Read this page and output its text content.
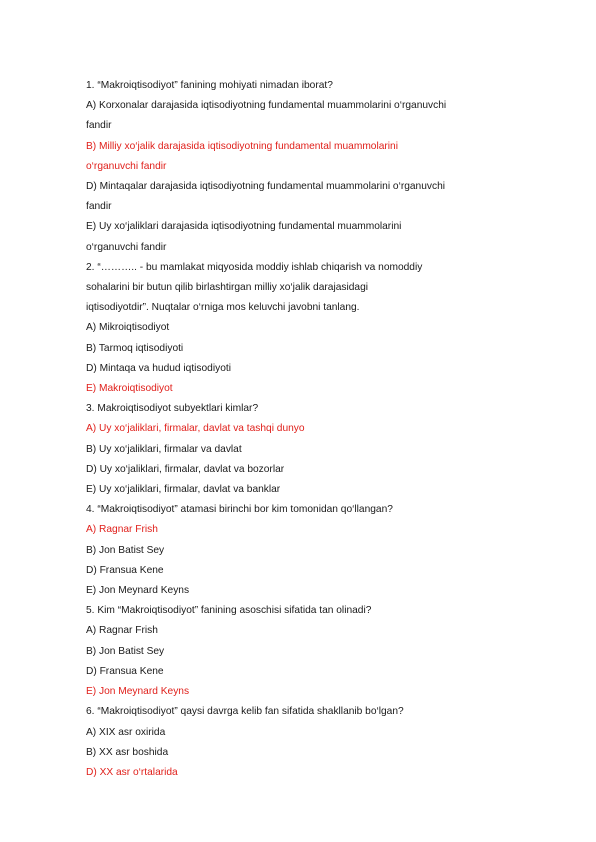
1. “Makroiqtisodiyot” fanining mohiyati nimadan iborat?
A) Korxonalar darajasida iqtisodiyotning fundamental muammolarini o‘rganuvchi
fandir
B) Milliy xo‘jalik darajasida iqtisodiyotning fundamental muammolarini
o‘rganuvchi fandir
D) Mintaqalar darajasida iqtisodiyotning fundamental muammolarini o‘rganuvchi
fandir
E) Uy xo‘jaliklari darajasida iqtisodiyotning fundamental muammolarini
o‘rganuvchi fandir
2. “……….. - bu mamlakat miqyosida moddiy ishlab chiqarish va nomoddiy
sohalarini bir butun qilib birlashtirgan milliy xo‘jalik darajasidagi
iqtisodiyotdir”. Nuqtalar o‘rniga mos keluvchi javobni tanlang.
A) Mikroiqtisodiyot
B) Tarmoq iqtisodiyoti
D) Mintaqa va hudud iqtisodiyoti
E) Makroiqtisodiyot
3. Makroiqtisodiyot subyektlari kimlar?
A) Uy xo‘jaliklari, firmalar, davlat va tashqi dunyo
B) Uy xo‘jaliklari, firmalar va davlat
D) Uy xo‘jaliklari, firmalar, davlat va bozorlar
E) Uy xo‘jaliklari, firmalar, davlat va banklar
4. “Makroiqtisodiyot” atamasi birinchi bor kim tomonidan qo‘llangan?
A) Ragnar Frish
B) Jon Batist Sey
D) Fransua Kene
E) Jon Meynard Keyns
5. Kim “Makroiqtisodiyot” fanining asoschisi sifatida tan olinadi?
A) Ragnar Frish
B) Jon Batist Sey
D) Fransua Kene
E) Jon Meynard Keyns
6. “Makroiqtisodiyot” qaysi davrga kelib fan sifatida shakllanib bo‘lgan?
A) XIX asr oxirida
B) XX asr boshida
D) XX asr o‘rtalarida
